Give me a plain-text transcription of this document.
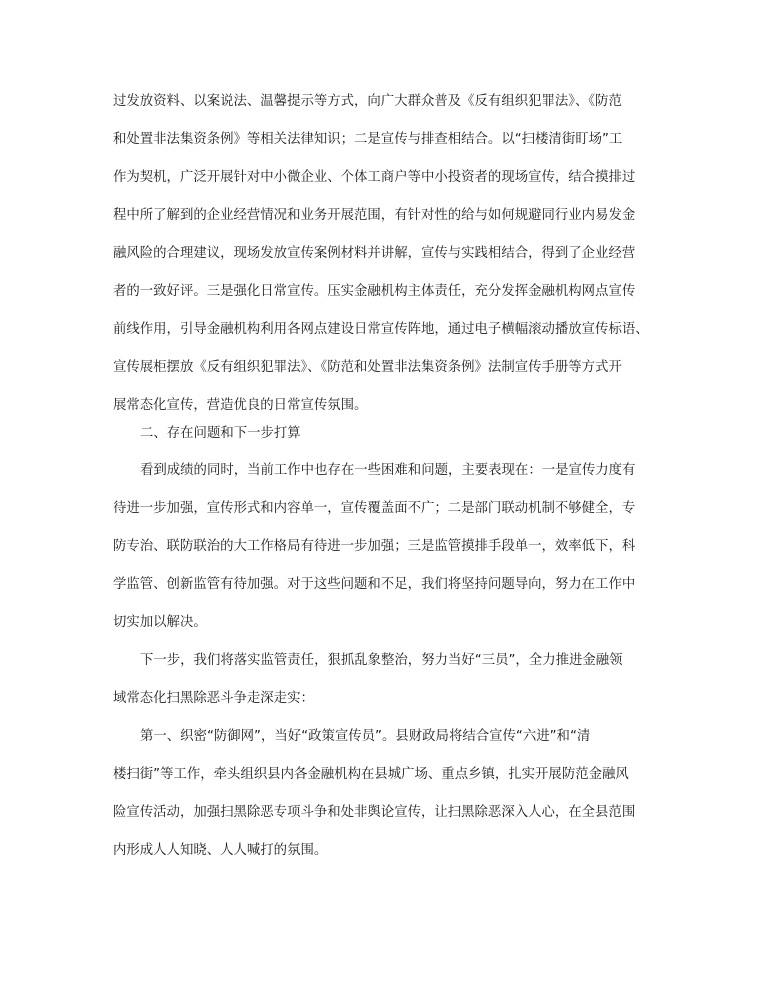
过发放资料、以案说法、温馨提示等方式，向广大群众普及《反有组织犯罪法》、《防范
和处置非法集资条例》等相关法律知识；二是宣传与排查相结合。以“扫楼清街盯场”工
作为契机，广泛开展针对中小微企业、个体工商户等中小投资者的现场宣传，结合摸排过
程中所了解到的企业经营情况和业务开展范围，有针对性的给与如何规避同行业内易发金
融风险的合理建议，现场发放宣传案例材料并讲解，宣传与实践相结合，得到了企业经营
者的一致好评。三是强化日常宣传。压实金融机构主体责任，充分发挥金融机构网点宣传
前线作用，引导金融机构利用各网点建设日常宣传阵地，通过电子横幅滚动播放宣传标语、
宣传展柜摆放《反有组织犯罪法》、《防范和处置非法集资条例》法制宣传手册等方式开
展常态化宣传，营造优良的日常宣传氛围。
二、存在问题和下一步打算
看到成绩的同时，当前工作中也存在一些困难和问题，主要表现在：一是宣传力度有
待进一步加强，宣传形式和内容单一，宣传覆盖面不广；二是部门联动机制不够健全，专
防专治、联防联治的大工作格局有待进一步加强；三是监管摸排手段单一，效率低下，科
学监管、创新监管有待加强。对于这些问题和不足，我们将坚持问题导向，努力在工作中
切实加以解决。
下一步，我们将落实监管责任，狠抓乱象整治，努力当好“三员”，全力推进金融领
域常态化扫黑除恶斗争走深走实：
第一、织密“防御网”，当好“政策宣传员”。县财政局将结合宣传“六进”和“清
楼扫街”等工作，牵头组织县内各金融机构在县城广场、重点乡镇，扎实开展防范金融风
险宣传活动，加强扫黑除恶专项斗争和处非舆论宣传，让扫黑除恶深入人心，在全县范围
内形成人人知晓、人人喊打的氛围。
